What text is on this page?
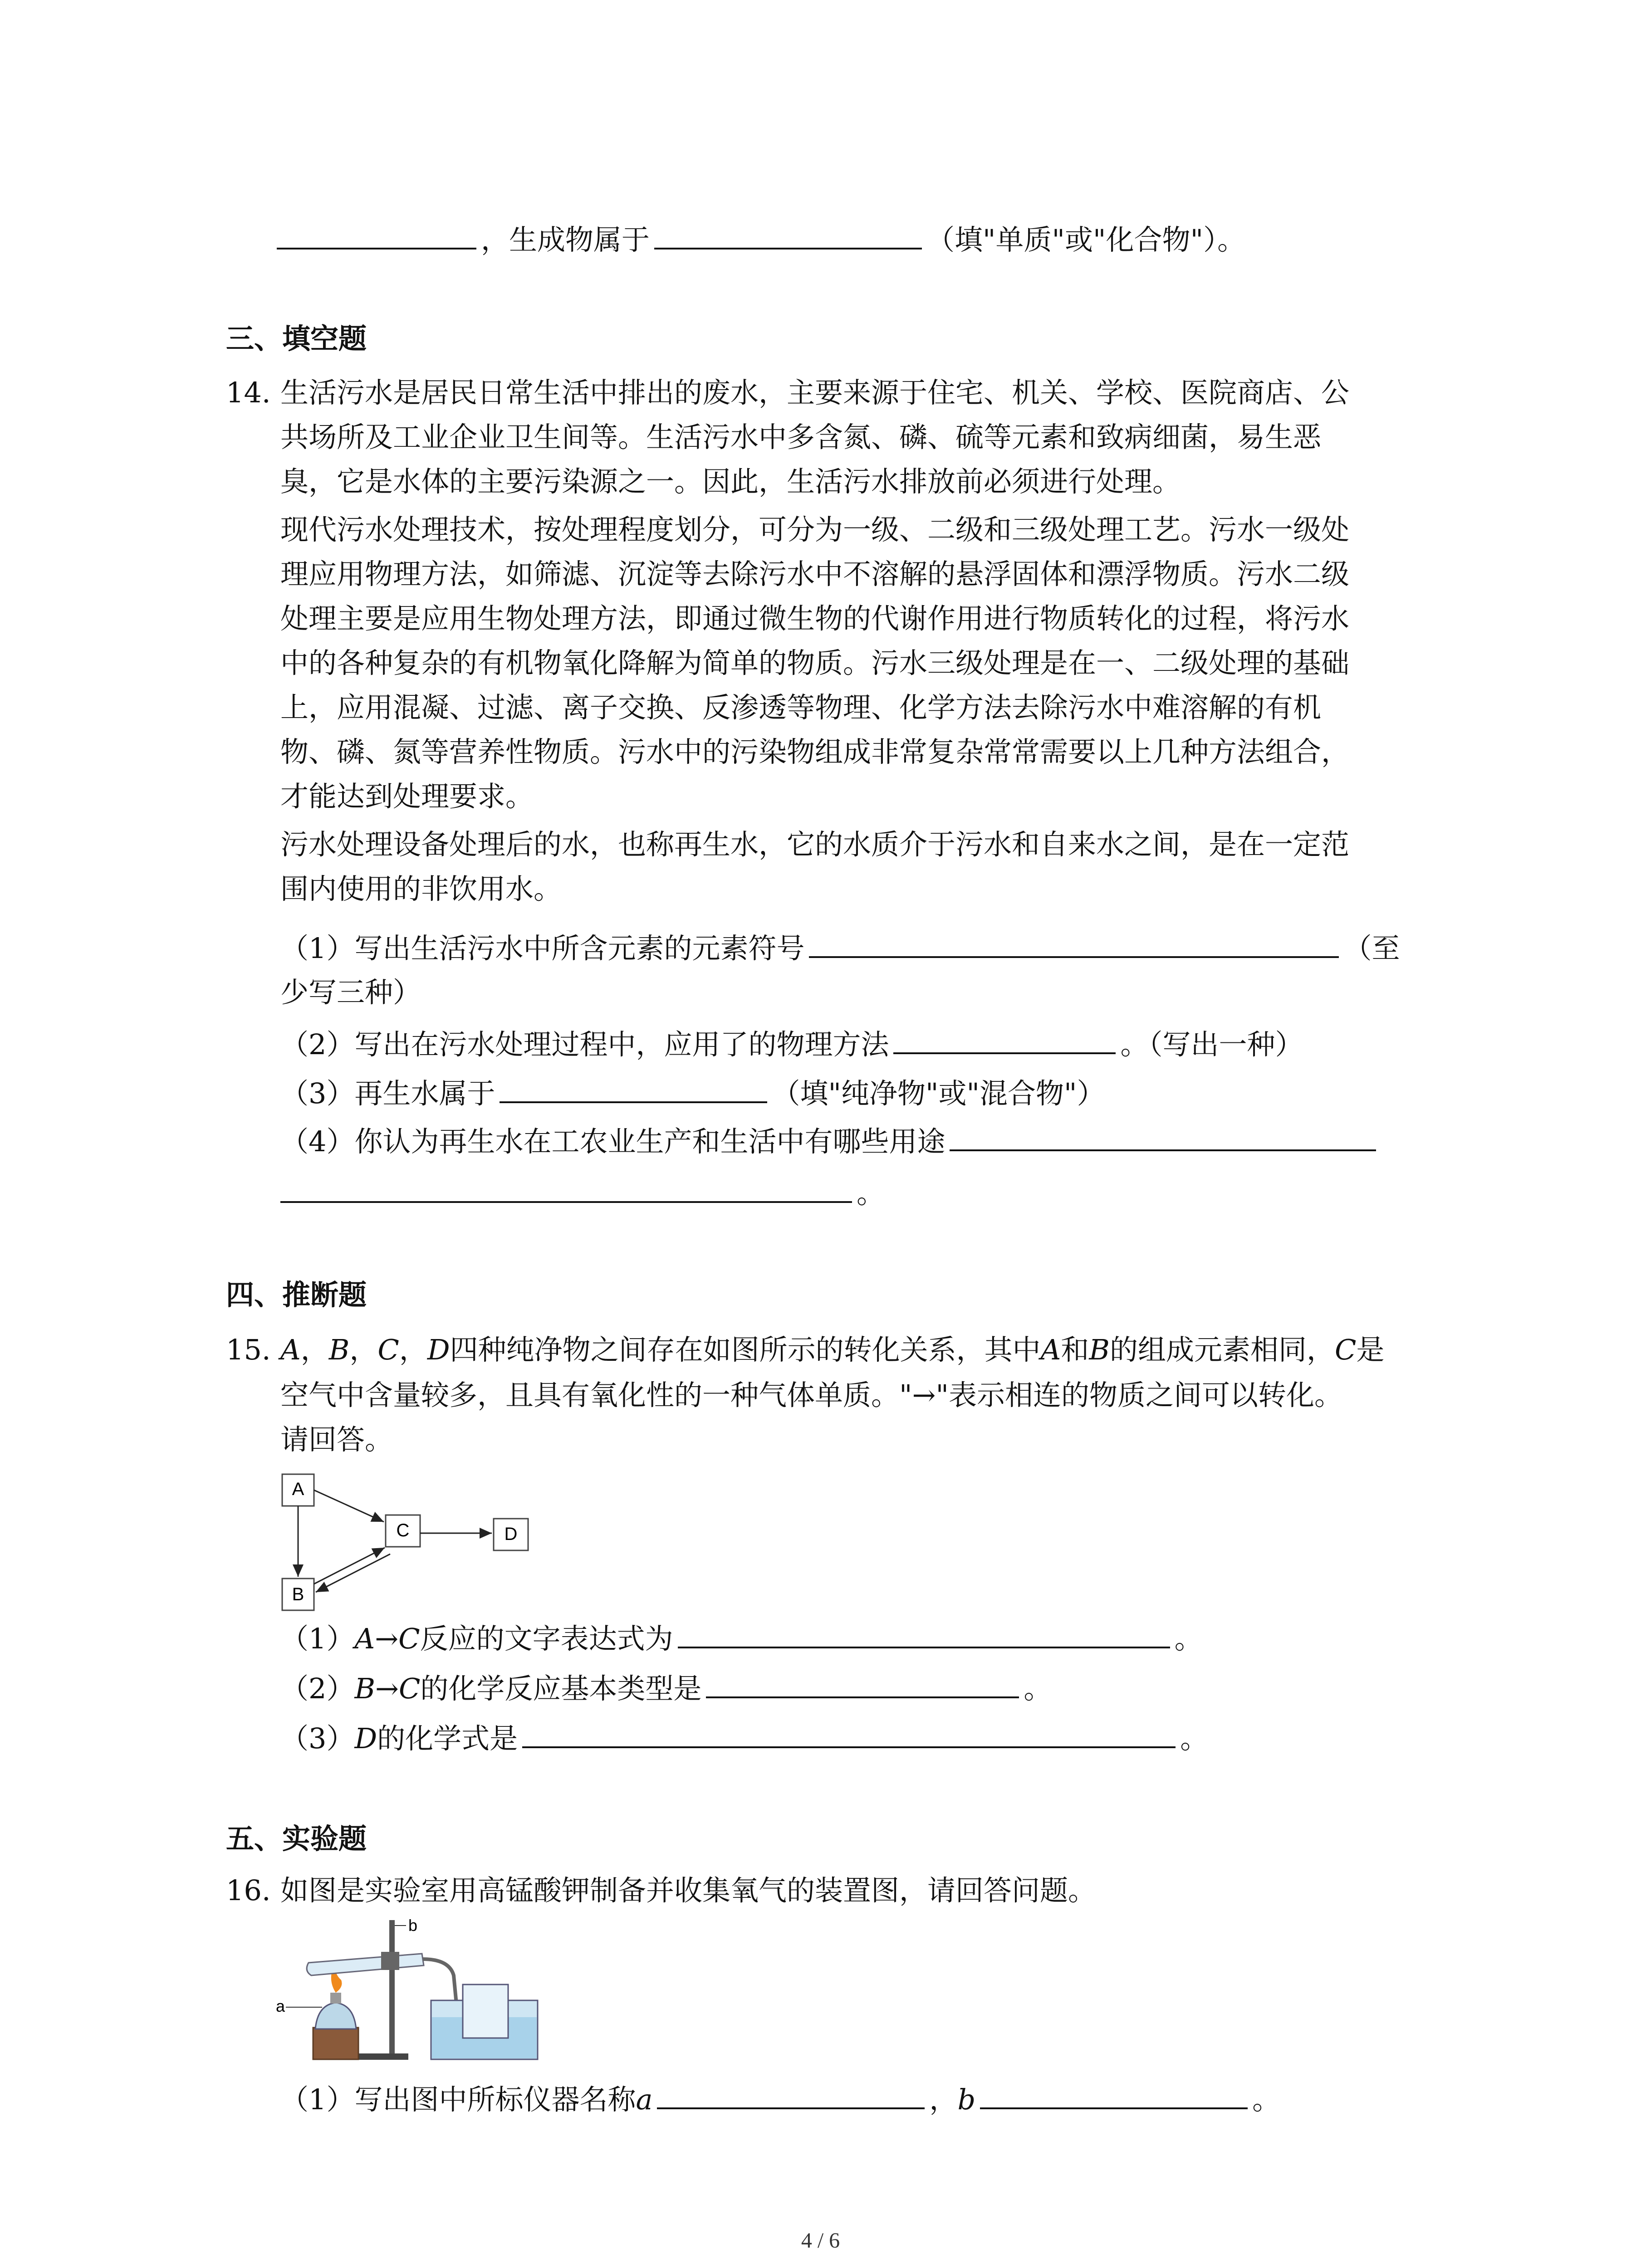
，生成物属于	（填"单质"或"化合物"）。
三、填空题
14. 生活污水是居民日常生活中排出的废水，主要来源于住宅、机关、学校、医院商店、公
共场所及工业企业卫生间等。生活污水中多含氮、磷、硫等元素和致病细菌，易生恶
臭，它是水体的主要污染源之一。因此，生活污水排放前必须进行处理。
现代污水处理技术，按处理程度划分，可分为一级、二级和三级处理工艺。污水一级处
理应用物理方法，如筛滤、沉淀等去除污水中不溶解的悬浮固体和漂浮物质。污水二级
处理主要是应用生物处理方法，即通过微生物的代谢作用进行物质转化的过程，将污水
中的各种复杂的有机物氧化降解为简单的物质。污水三级处理是在一、二级处理的基础
上，应用混凝、过滤、离子交换、反渗透等物理、化学方法去除污水中难溶解的有机
物、磷、氮等营养性物质。污水中的污染物组成非常复杂常常需要以上几种方法组合，
才能达到处理要求。
污水处理设备处理后的水，也称再生水，它的水质介于污水和自来水之间，是在一定范
围内使用的非饮用水。
（1）写出生活污水中所含元素的元素符号	（至
少写三种）
（2）写出在污水处理过程中，应用了的物理方法	。（写出一种）
（3）再生水属于	（填"纯净物"或"混合物"）
（4）你认为再生水在工农业生产和生活中有哪些用途
。
四、推断题
15. A，B，C，D四种纯净物之间存在如图所示的转化关系，其中A和B的组成元素相同，C是
空气中含量较多，且具有氧化性的一种气体单质。"→"表示相连的物质之间可以转化。
请回答。
A
C	D
B
（1）A→C反应的文字表达式为	。
（2）B→C的化学反应基本类型是	。
（3）D的化学式是	。
五、实验题
16. 如图是实验室用高锰酸钾制备并收集氧气的装置图，请回答问题。
b
a
（1）写出图中所标仪器名称a	，b	。
4 / 6
